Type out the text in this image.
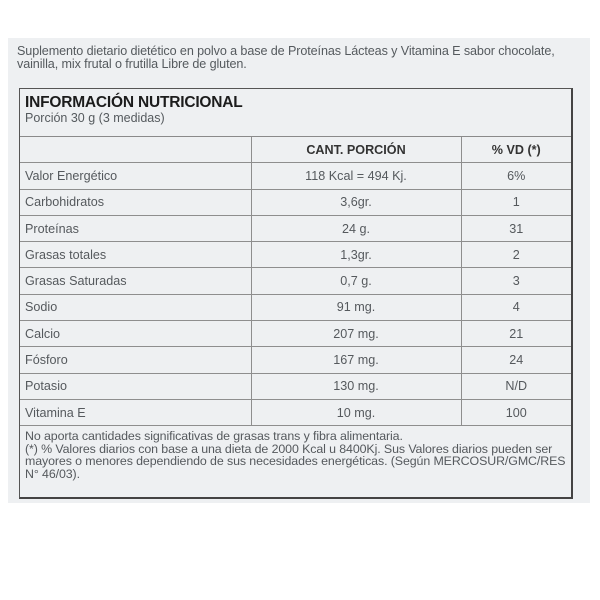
Suplemento dietario dietético en polvo a base de Proteínas Lácteas y Vitamina E sabor chocolate, vainilla, mix frutal o frutilla Libre de gluten.
INFORMACIÓN NUTRICIONAL
Porción 30 g (3 medidas)
	CANT. PORCIÓN	% VD (*)
Valor Energético	118 Kcal = 494 Kj.	6%
Carbohidratos	3,6gr.	1
Proteínas	24 g.	31
Grasas totales	1,3gr.	2
Grasas Saturadas	0,7 g.	3
Sodio	91 mg.	4
Calcio	207 mg.	21
Fósforo	167 mg.	24
Potasio	130 mg.	N/D
Vitamina E	10 mg.	100
No aporta cantidades significativas de grasas trans y fibra alimentaria.
(*) % Valores diarios con base a una dieta de 2000 Kcal u 8400Kj. Sus Valores diarios pueden ser mayores o menores dependiendo de sus necesidades energéticas. (Según MERCOSUR/GMC/RES N° 46/03).
